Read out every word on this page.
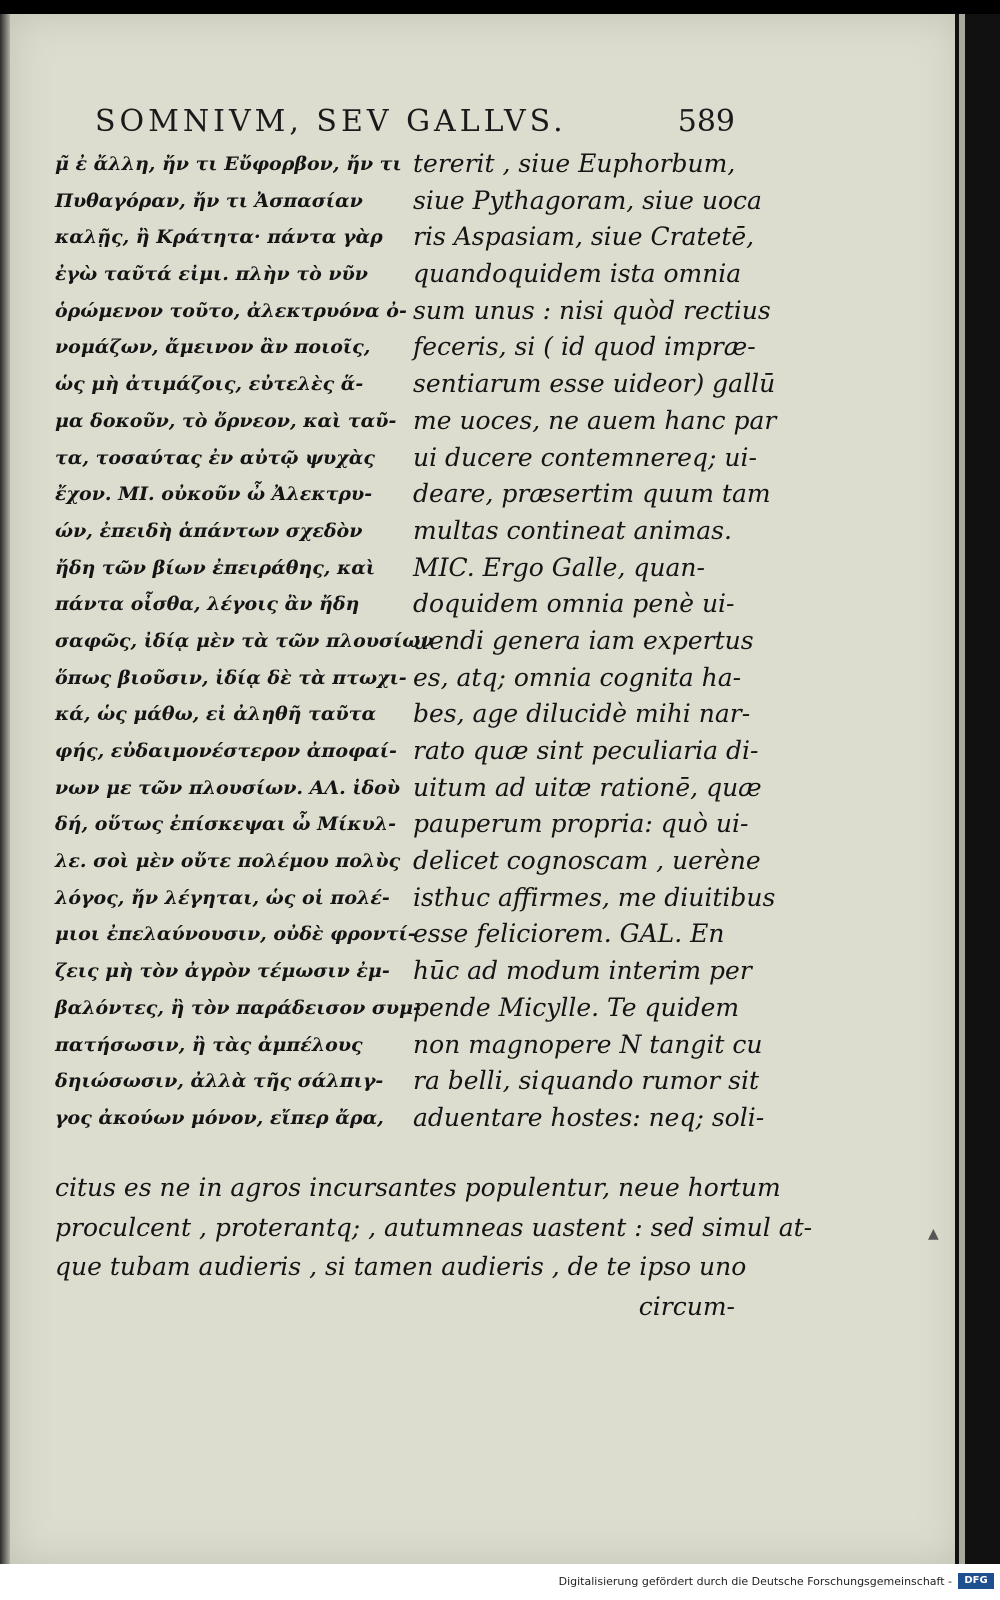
SOMNIVM, SEV GALLVS.	589
μ̃ ἐ ἄλλη, ἤν τι Εὔφορβον, ἤν τι
Πυθαγόραν, ἤν τι Ἀσπασίαν
καλῇς, ἢ Κράτητα· πάντα γὰρ
ἐγὼ ταῦτά εἰμι. πλὴν τὸ νῦν
ὁρώμενον τοῦτο, ἀλεκτρυόνα ὀ-
νομάζων, ἄμεινον ἂν ποιοῖς,
ὡς μὴ ἀτιμάζοις, εὐτελὲς ἅ-
μα δοκοῦν, τὸ ὄρνεον, καὶ ταῦ-
τα, τοσαύτας ἐν αὐτῷ ψυχὰς
ἔχον. ΜΙ. οὐκοῦν ὦ Ἀλεκτρυ-
ών, ἐπειδὴ ἁπάντων σχεδὸν
ἤδη τῶν βίων ἐπειράθης, καὶ
πάντα οἶσθα, λέγοις ἂν ἤδη
σαφῶς, ἰδίᾳ μὲν τὰ τῶν πλουσίων
ὅπως βιοῦσιν, ἰδίᾳ δὲ τὰ πτωχι-
κά, ὡς μάθω, εἰ ἀληθῆ ταῦτα
φής, εὐδαιμονέστερον ἀποφαί-
νων με τῶν πλουσίων. ΑΛ. ἰδοὺ
δή, οὕτως ἐπίσκεψαι ὦ Μίκυλ-
λε. σοὶ μὲν οὔτε πολέμου πολὺς
λόγος, ἤν λέγηται, ὡς οἱ πολέ-
μιοι ἐπελαύνουσιν, οὐδὲ φροντί-
ζεις μὴ τὸν ἀγρὸν τέμωσιν ἐμ-
βαλόντες, ἢ τὸν παράδεισον συμ-
πατήσωσιν, ἢ τὰς ἀμπέλους
δηιώσωσιν, ἀλλὰ τῆς σάλπιγ-
γος ἀκούων μόνον, εἴπερ ἄρα,
tererit , siue Euphorbum,
siue Pythagoram, siue uoca
ris Aspasiam, siue Cratetē,
quandoquidem ista omnia
sum unus : nisi quòd rectius
feceris, si ( id quod impræ-
sentiarum esse uideor) gallū
me uoces, ne auem hanc par
ui ducere contemnereq; ui-
deare, præsertim quum tam
multas contineat animas.
MIC. Ergo Galle, quan-
doquidem omnia penè ui-
uendi genera iam expertus
es, atq; omnia cognita ha-
bes, age dilucidè mihi nar-
rato quæ sint peculiaria di-
uitum ad uitæ rationē, quæ
pauperum propria: quò ui-
delicet cognoscam , uerène
isthuc affirmes, me diuitibus
esse feliciorem. GAL. En
hūc ad modum interim per
pende Micylle. Te quidem
non magnopere N tangit cu
ra belli, siquando rumor sit
aduentare hostes: neq; soli-
citus es ne in agros incursantes populentur, neue hortum
proculcent , proterantq; , autumneas uastent : sed simul at-
que tubam audieris , si tamen audieris , de te ipso uno
circum-
▲
Digitalisierung gefördert durch die Deutsche Forschungsgemeinschaft -	DFG
